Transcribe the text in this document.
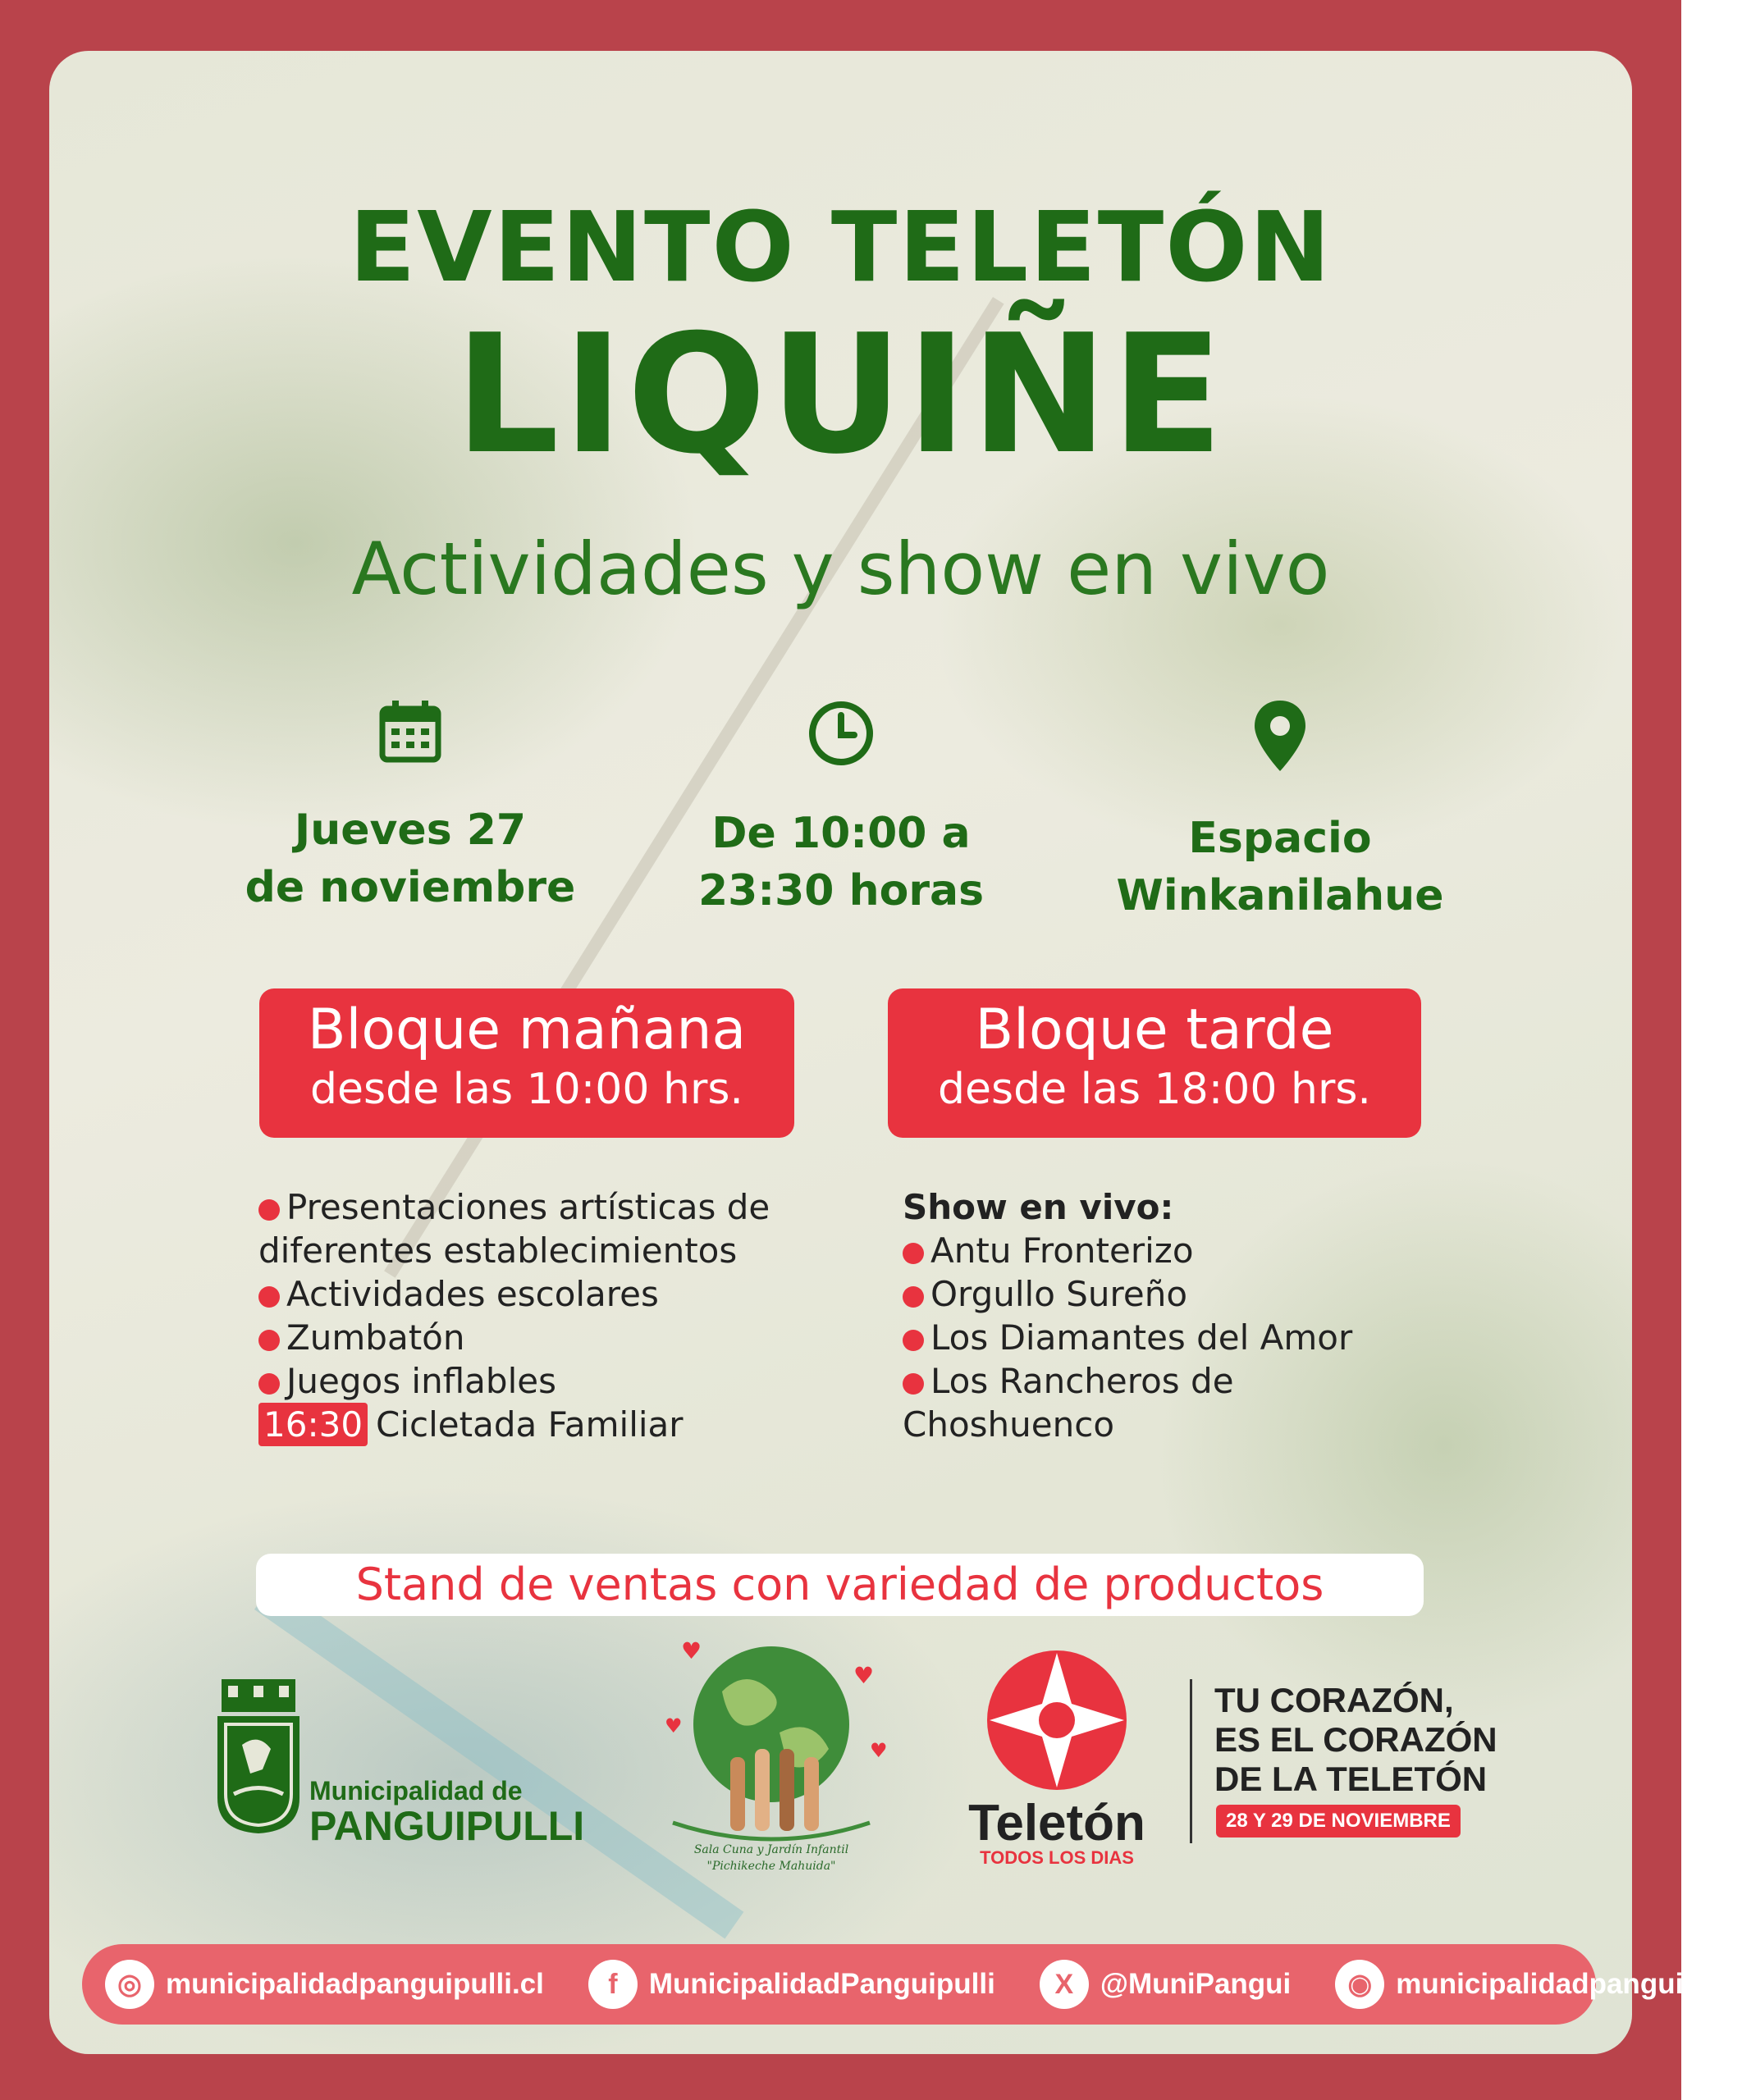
EVENTO TELETÓN
LIQUIÑE
Actividades y show en vivo
Jueves 27
de noviembre
De 10:00 a
23:30 horas
Espacio
Winkanilahue
Bloque mañana
desde las 10:00 hrs.
Bloque tarde
desde las 18:00 hrs.
Presentaciones artísticas de
diferentes establecimientos
Actividades escolares
Zumbatón
Juegos inflables
16:30 Cicletada Familiar
Show en vivo:
Antu Fronterizo
Orgullo Sureño
Los Diamantes del Amor
Los Rancheros de
Choshuenco
Stand de ventas con variedad de productos
Municipalidad de
PANGUIPULLI
♥
♥
♥
♥
Sala Cuna y Jardín Infantil
"Pichikeche Mahuida"
Teletón
TODOS LOS DIAS
TU CORAZÓN,
ES EL CORAZÓN
DE LA TELETÓN
28 Y 29 DE NOVIEMBRE
◎ municipalidadpanguipulli.cl	f	MunicipalidadPanguipulli	X @MuniPangui	◉ municipalidadpanguipulli
